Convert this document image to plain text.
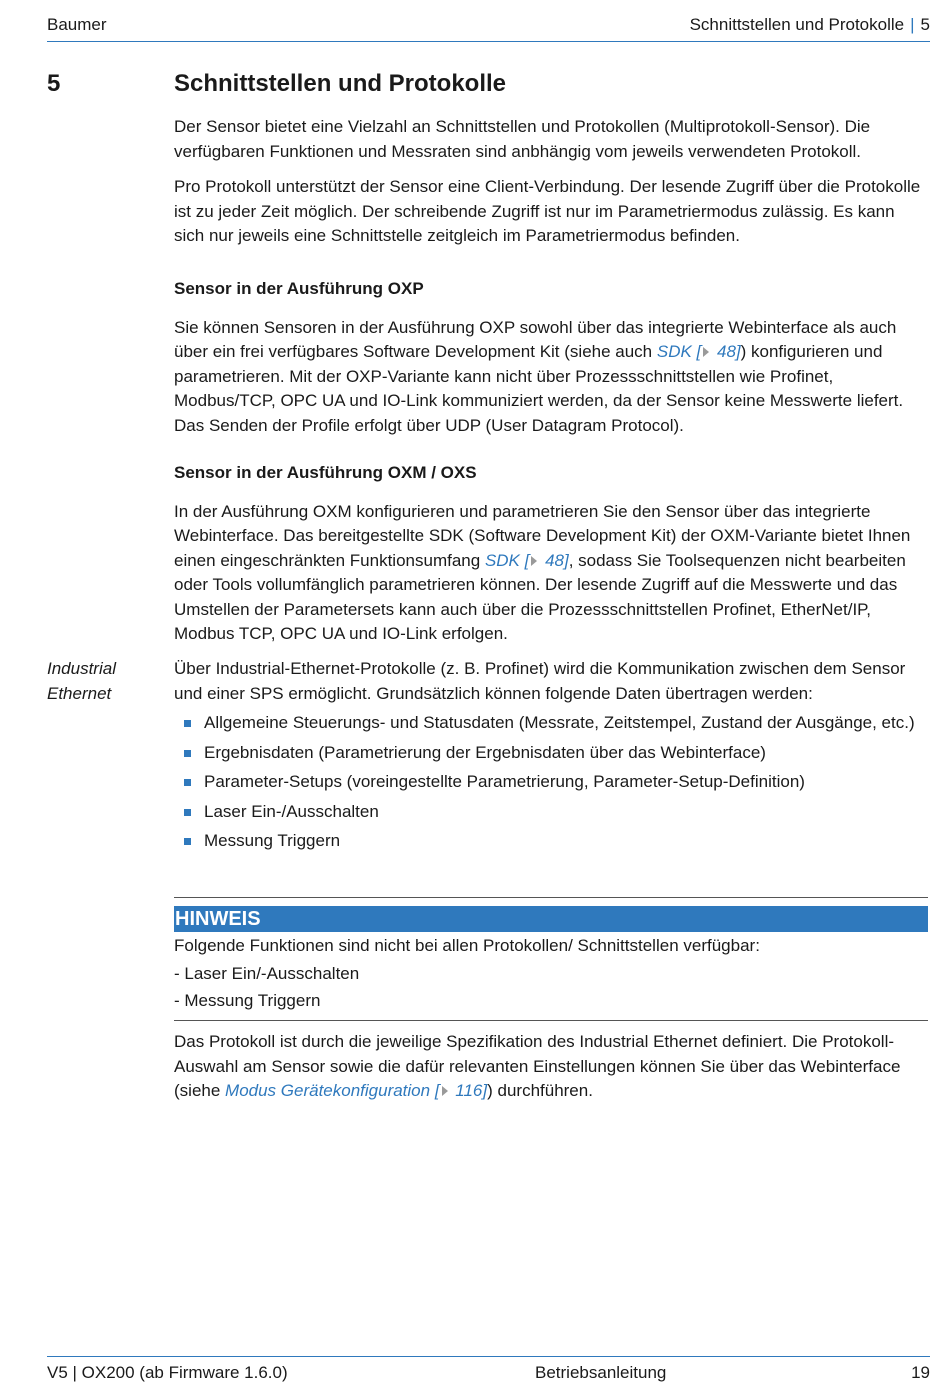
Baumer	Schnittstellen und Protokolle | 5
5	Schnittstellen und Protokolle

Der Sensor bietet eine Vielzahl an Schnittstellen und Protokollen (Multiprotokoll-Sensor). Die verfügbaren Funktionen und Messraten sind anbhängig vom jeweils verwendeten Protokoll.

Pro Protokoll unterstützt der Sensor eine Client-Verbindung. Der lesende Zugriff über die Protokolle ist zu jeder Zeit möglich. Der schreibende Zugriff ist nur im Parametriermodus zulässig. Es kann sich nur jeweils eine Schnittstelle zeitgleich im Parametriermodus befinden.

Sensor in der Ausführung OXP

Sie können Sensoren in der Ausführung OXP sowohl über das integrierte Webinterface als auch über ein frei verfügbares Software Development Kit (siehe auch SDK [ 48]) konfigurieren und parametrieren. Mit der OXP-Variante kann nicht über Prozessschnittstellen wie Profinet, Modbus/TCP, OPC UA und IO-Link kommuniziert werden, da der Sensor keine Messwerte liefert. Das Senden der Profile erfolgt über UDP (User Datagram Protocol).

Sensor in der Ausführung OXM / OXS

In der Ausführung OXM konfigurieren und parametrieren Sie den Sensor über das integrierte Webinterface. Das bereitgestellte SDK (Software Development Kit) der OXM-Variante bietet Ihnen einen eingeschränkten Funktionsumfang SDK [ 48], sodass Sie Toolsequenzen nicht bearbeiten oder Tools vollumfänglich parametrieren können. Der lesende Zugriff auf die Messwerte und das Umstellen der Parametersets kann auch über die Prozessschnittstellen Profinet, EtherNet/IP, Modbus TCP, OPC UA und IO-Link erfolgen.

Industrial
Ethernet

Über Industrial-Ethernet-Protokolle (z. B. Profinet) wird die Kommunikation zwischen dem Sensor und einer SPS ermöglicht. Grundsätzlich können folgende Daten übertragen werden:

Allgemeine Steuerungs- und Statusdaten (Messrate, Zeitstempel, Zustand der Ausgänge, etc.)
Ergebnisdaten (Parametrierung der Ergebnisdaten über das Webinterface)
Parameter-Setups (voreingestellte Parametrierung, Parameter-Setup-Definition)
Laser Ein-/Ausschalten
Messung Triggern
HINWEIS

Folgende Funktionen sind nicht bei allen Protokollen/ Schnittstellen verfügbar:

- Laser Ein/-Ausschalten

- Messung Triggern

Das Protokoll ist durch die jeweilige Spezifikation des Industrial Ethernet definiert. Die Protokoll-Auswahl am Sensor sowie die dafür relevanten Einstellungen können Sie über das Webinterface (siehe Modus Gerätekonfiguration [ 116]) durchführen.

V5 | OX200 (ab Firmware 1.6.0)	Betriebsanleitung	19
